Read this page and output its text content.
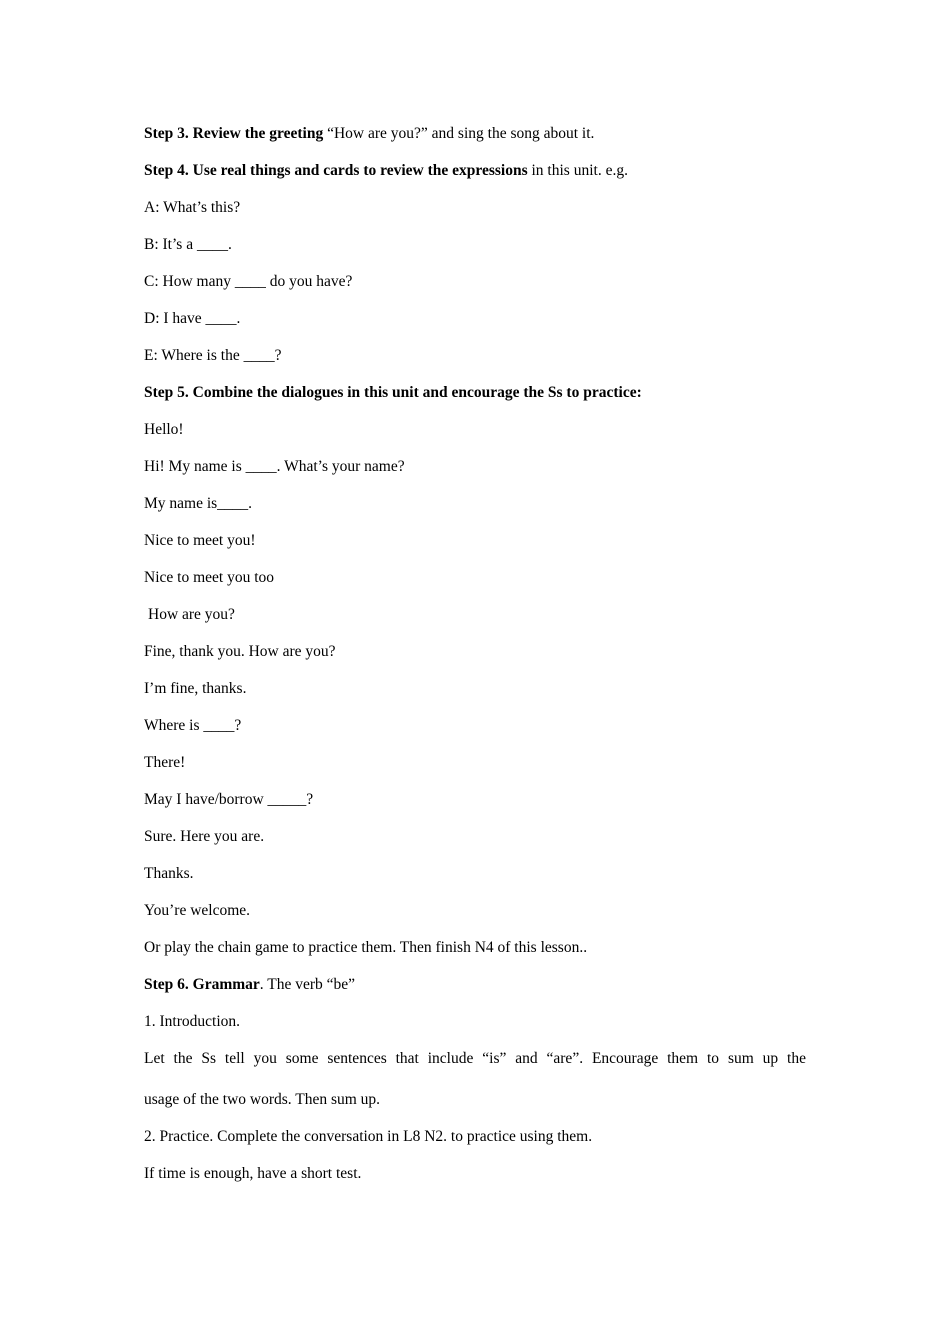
Step 3. Review the greeting “How are you?” and sing the song about it.
Step 4. Use real things and cards to review the expressions in this unit. e.g.
A: What’s this?
B: It’s a ____.
C: How many ____ do you have?
D: I have ____.
E: Where is the ____?
Step 5. Combine the dialogues in this unit and encourage the Ss to practice:
Hello!
Hi! My name is ____. What’s your name?
My name is____.
Nice to meet you!
Nice to meet you too
How are you?
Fine, thank you. How are you?
I’m fine, thanks.
Where is ____?
There!
May I have/borrow _____?
Sure. Here you are.
Thanks.
You’re welcome.
Or play the chain game to practice them. Then finish N4 of this lesson..
Step 6. Grammar. The verb “be”
1. Introduction.
Let the Ss tell you some sentences that include “is” and “are”. Encourage them to sum up the
usage of the two words. Then sum up.
2. Practice. Complete the conversation in L8 N2. to practice using them.
If time is enough, have a short test.
